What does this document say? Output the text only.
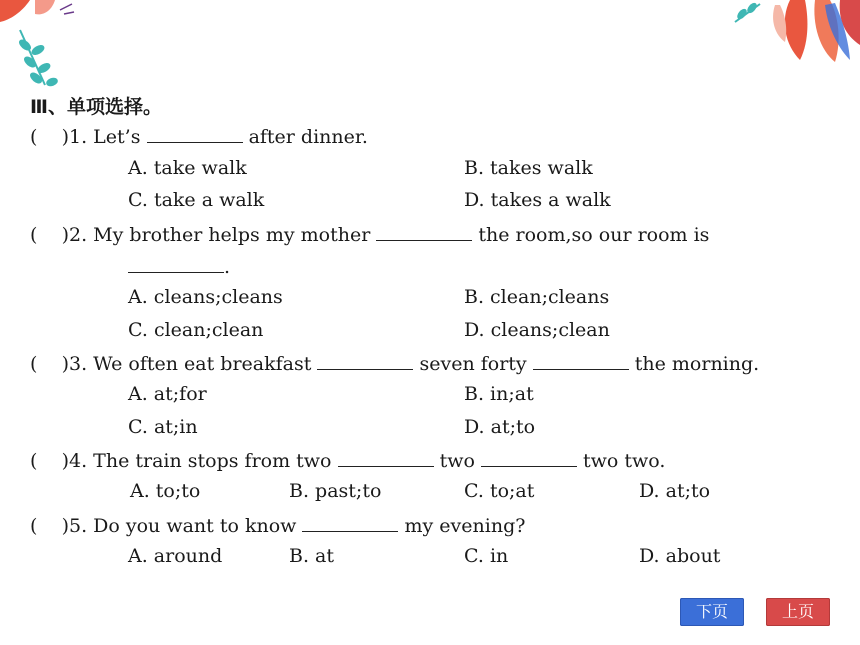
Ⅲ、单项选择。
(    )1. Let’s	after dinner.
A. take walk	B. takes walk
C. take a walk	D. takes a walk
(    )2. My brother helps my mother	the room,so our room is
.
A. cleans;cleans	B. clean;cleans
C. clean;clean	D. cleans;clean
(    )3. We often eat breakfast	seven forty	the morning.
A. at;for	B. in;at
C. at;in	D. at;to
(    )4. The train stops from two	two	two two.
A. to;to	B. past;to	C. to;at	D. at;to
(    )5. Do you want to know	my evening?
A. around	B. at	C. in	D. about
下页	上页
